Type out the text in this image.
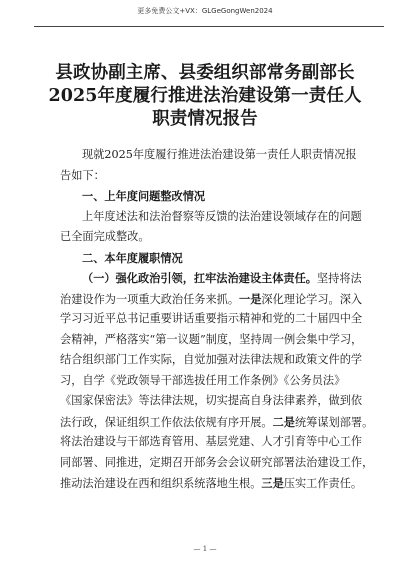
更多免费公文+VX：GLGeGongWen2024
县政协副主席、县委组织部常务副部长
2025年度履行推进法治建设第一责任人
职责情况报告
现就2025年度履行推进法治建设第一责任人职责情况报
告如下：
一、上年度问题整改情况
上年度述法和法治督察等反馈的法治建设领域存在的问题
已全面完成整改。
二、本年度履职情况
（一）强化政治引领，扛牢法治建设主体责任。坚持将法
治建设作为一项重大政治任务来抓。一是深化理论学习。深入
学习习近平总书记重要讲话重要指示精神和党的二十届四中全
会精神，严格落实“第一议题”制度，坚持周一例会集中学习，
结合组织部门工作实际，自觉加强对法律法规和政策文件的学
习，自学《党政领导干部选拔任用工作条例》《公务员法》
《国家保密法》等法律法规，切实提高自身法律素养，做到依
法行政，保证组织工作依法依规有序开展。二是统筹谋划部署。
将法治建设与干部选育管用、基层党建、人才引育等中心工作
同部署、同推进，定期召开部务会会议研究部署法治建设工作，
推动法治建设在西和组织系统落地生根。三是压实工作责任。
— 1 —
